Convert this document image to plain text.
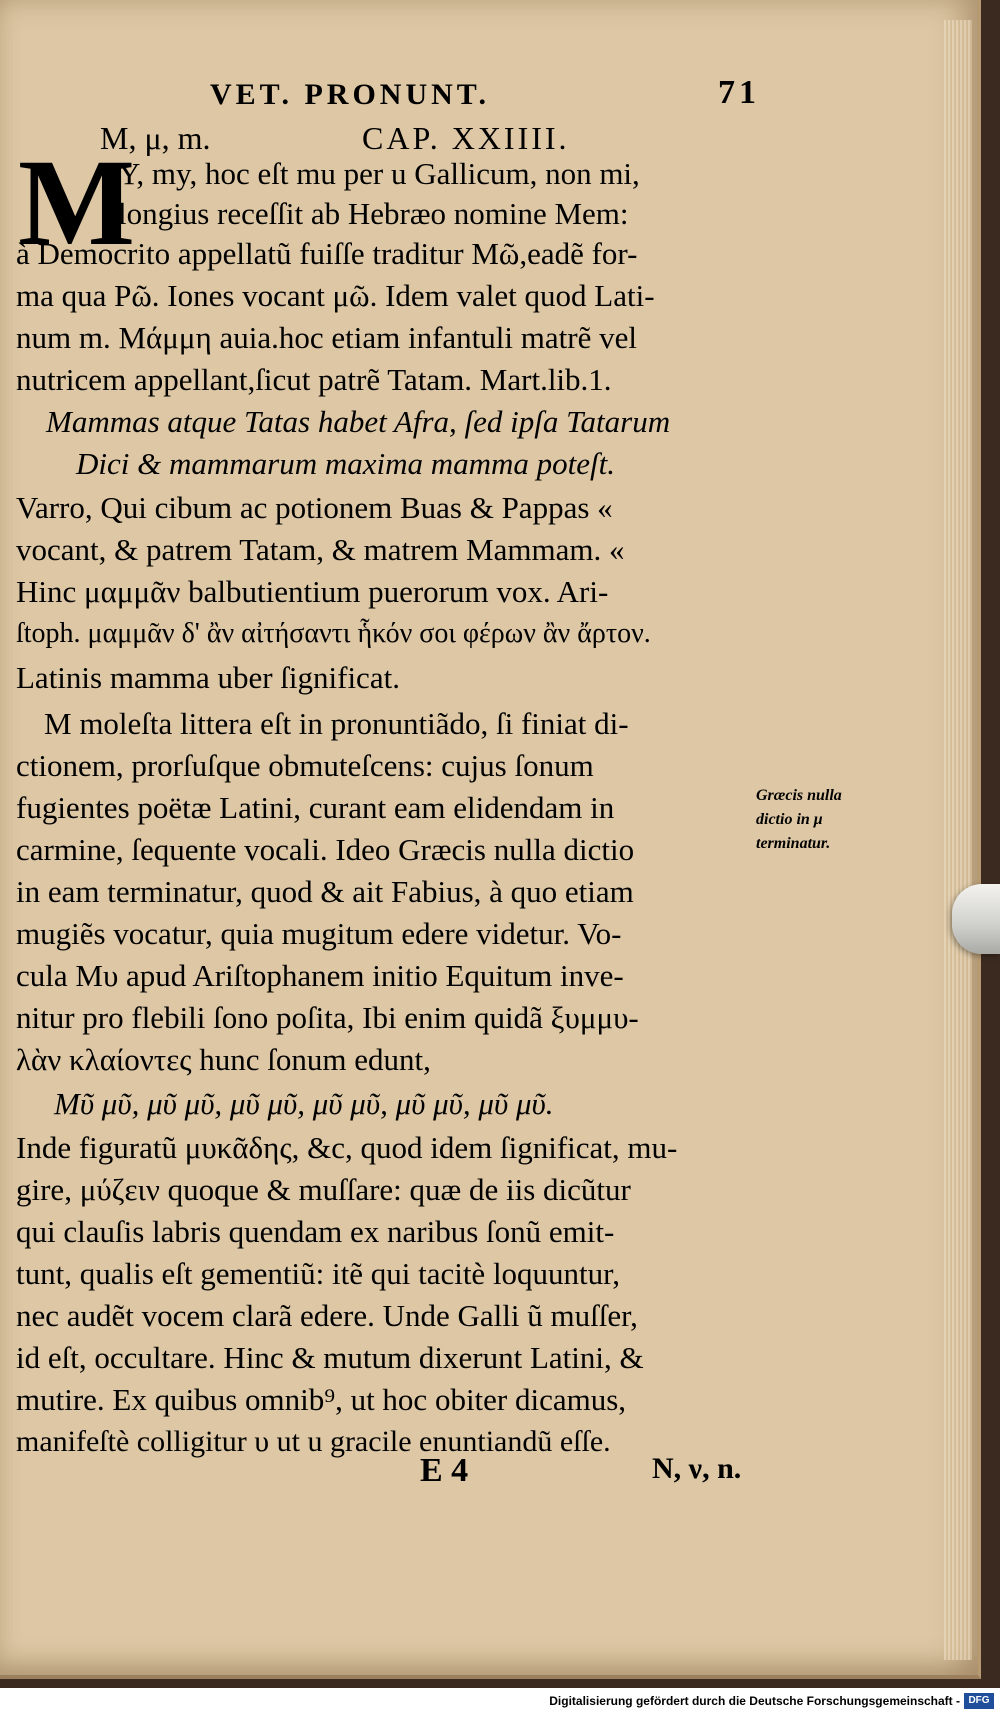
VET. PRONUNT.	71
M, μ, m.	CAP. XXIIII.
M
Υ, my, hoc eſt mu per u Gallicum, non mi,
longius receſſit ab Hebræo nomine Mem:
à Democrito appellatũ fuiſſe traditur Mῶ,eadẽ for-
ma qua Pῶ. Iones vocant μῶ. Idem valet quod Lati-
num m. Μάμμη auia.hoc etiam infantuli matrẽ vel
nutricem appellant,ſicut patrẽ Tatam. Mart.lib.1.
Mammas atque Tatas habet Afra, ſed ipſa Tatarum
Dici & mammarum maxima mamma poteſt.
Varro, Qui cibum ac potionem Buas & Pappas «
vocant, & patrem Tatam, & matrem Mammam. «
Hinc μαμμᾶν balbutientium puerorum vox. Ari-
ſtoph. μαμμᾶν δ' ἂν αἰτήσαντι ἧκόν σοι φέρων ἂν ἄρτον.
Latinis mamma uber ſignificat.
M moleſta littera eſt in pronuntiãdo, ſi finiat di-
ctionem, prorſuſque obmuteſcens: cujus ſonum
fugientes poëtæ Latini, curant eam elidendam in
carmine, ſequente vocali. Ideo Græcis nulla dictio
in eam terminatur, quod & ait Fabius, à quo etiam
mugiẽs vocatur, quia mugitum edere videtur. Vo-
cula Mυ apud Ariſtophanem initio Equitum inve-
nitur pro flebili ſono poſita, Ibi enim quidã ξυμμυ-
λὰν κλαίοντες hunc ſonum edunt,
Μῦ μῦ, μῦ μῦ, μῦ μῦ, μῦ μῦ, μῦ μῦ, μῦ μῦ.
Inde figuratũ μυκᾶδης, &c, quod idem ſignificat, mu-
gire, μύζειν quoque & muſſare: quæ de iis dicũtur
qui clauſis labris quendam ex naribus ſonũ emit-
tunt, qualis eſt gementiũ: itẽ qui tacitè loquuntur,
nec audẽt vocem clarã edere. Unde Galli ũ muſſer,
id eſt, occultare. Hinc & mutum dixerunt Latini, &
mutire. Ex quibus omnib⁹, ut hoc obiter dicamus,
manifeſtè colligitur υ ut u gracile enuntiandũ eſſe.
Græcis nulla
dictio in μ
terminatur.
E 4	N, ν, n.
Digitalisierung gefördert durch die Deutsche Forschungsgemeinschaft - DFG
